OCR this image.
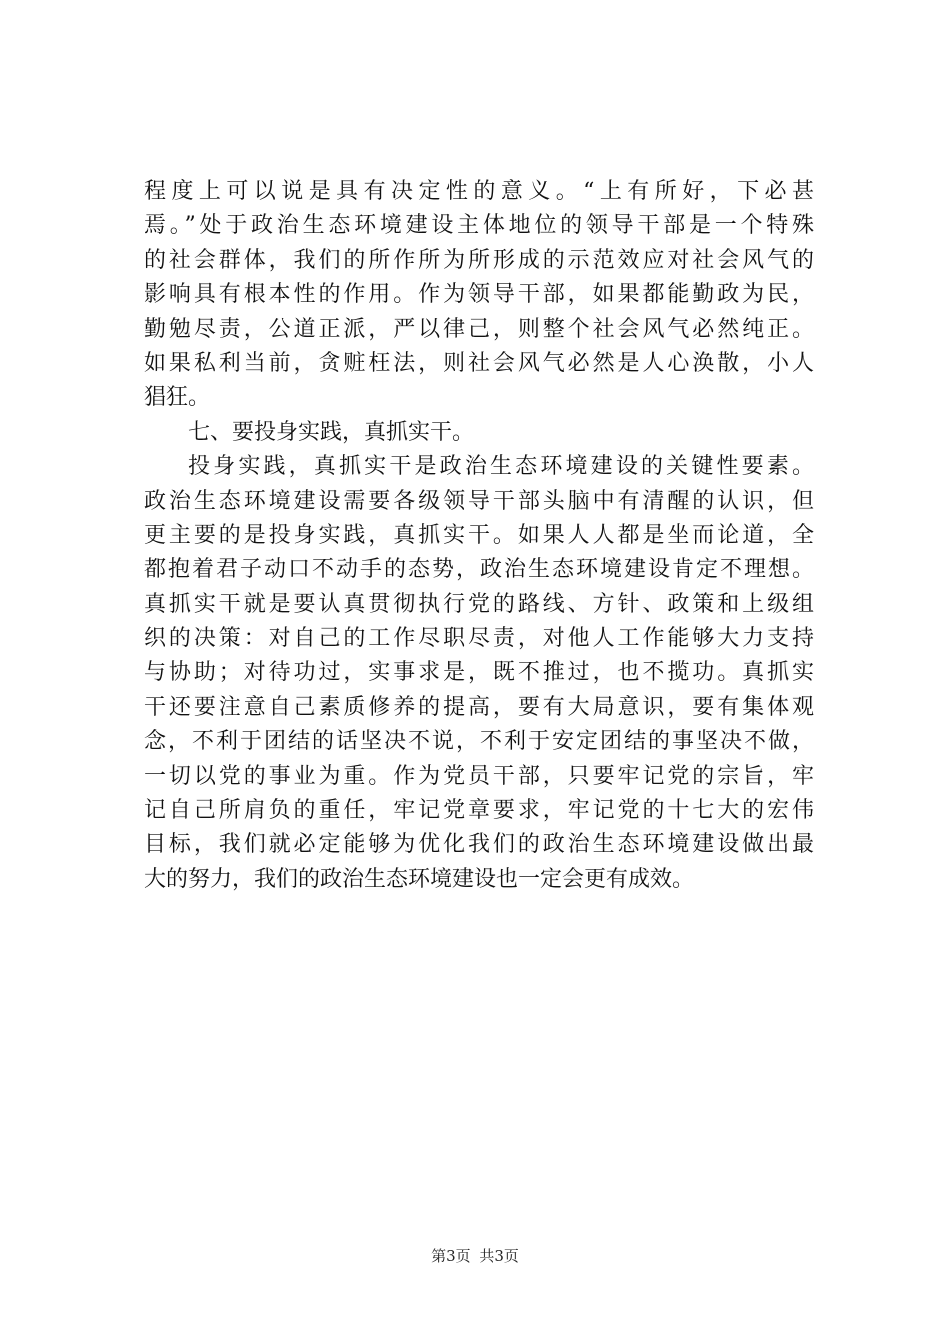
程度上可以说是具有决定性的意义。“上有所好，下必甚
焉。”处于政治生态环境建设主体地位的领导干部是一个特殊
的社会群体，我们的所作所为所形成的示范效应对社会风气的
影响具有根本性的作用。作为领导干部，如果都能勤政为民，
勤勉尽责，公道正派，严以律己，则整个社会风气必然纯正。
如果私利当前，贪赃枉法，则社会风气必然是人心涣散，小人
猖狂。
七、要投身实践，真抓实干。
投身实践，真抓实干是政治生态环境建设的关键性要素。
政治生态环境建设需要各级领导干部头脑中有清醒的认识，但
更主要的是投身实践，真抓实干。如果人人都是坐而论道，全
都抱着君子动口不动手的态势，政治生态环境建设肯定不理想。
真抓实干就是要认真贯彻执行党的路线、方针、政策和上级组
织的决策：对自己的工作尽职尽责，对他人工作能够大力支持
与协助；对待功过，实事求是，既不推过，也不揽功。真抓实
干还要注意自己素质修养的提高，要有大局意识，要有集体观
念，不利于团结的话坚决不说，不利于安定团结的事坚决不做，
一切以党的事业为重。作为党员干部，只要牢记党的宗旨，牢
记自己所肩负的重任，牢记党章要求，牢记党的十七大的宏伟
目标，我们就必定能够为优化我们的政治生态环境建设做出最
大的努力，我们的政治生态环境建设也一定会更有成效。
第3页 共3页
